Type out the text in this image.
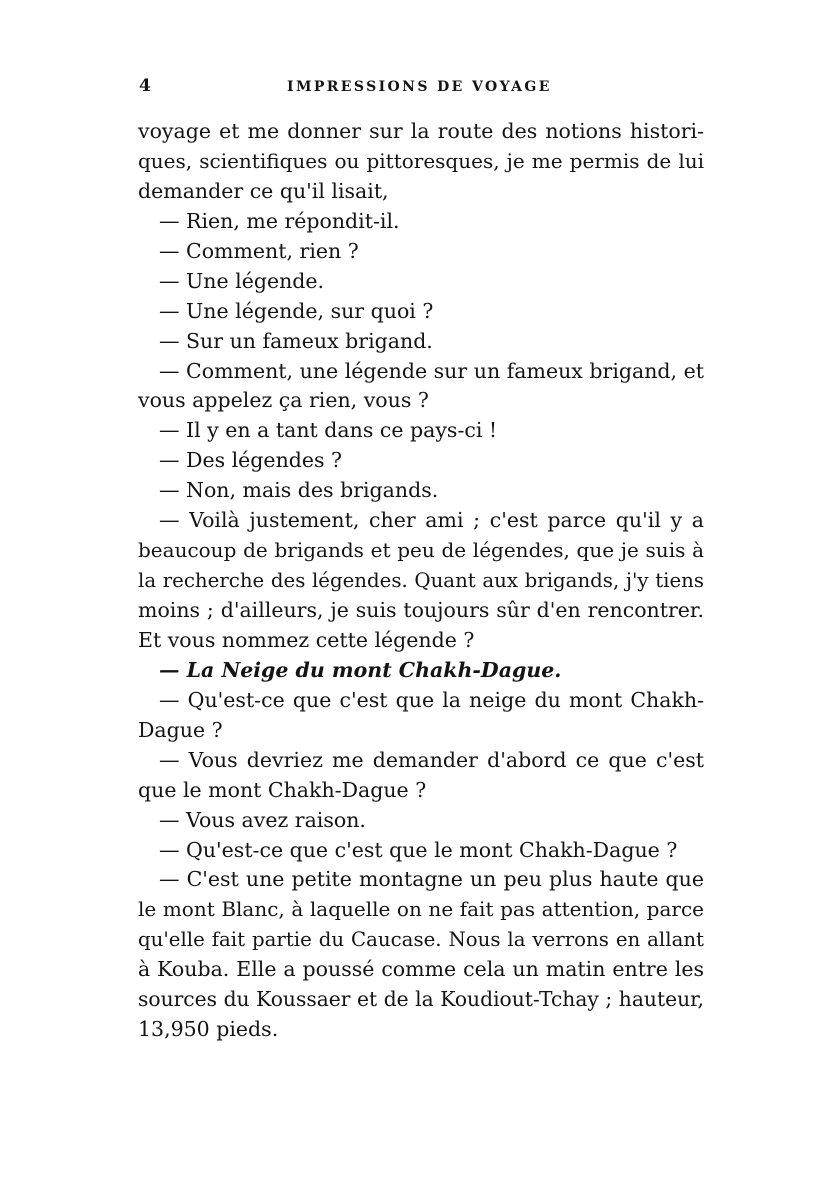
4	IMPRESSIONS DE VOYAGE
voyage et me donner sur la route des notions histori-
ques, scientifiques ou pittoresques, je me permis de lui
demander ce qu'il lisait,
— Rien, me répondit-il.
— Comment, rien ?
— Une légende.
— Une légende, sur quoi ?
— Sur un fameux brigand.
— Comment, une légende sur un fameux brigand, et
vous appelez ça rien, vous ?
— Il y en a tant dans ce pays-ci !
— Des légendes ?
— Non, mais des brigands.
— Voilà justement, cher ami ; c'est parce qu'il y a
beaucoup de brigands et peu de légendes, que je suis à
la recherche des légendes. Quant aux brigands, j'y tiens
moins ; d'ailleurs, je suis toujours sûr d'en rencontrer.
Et vous nommez cette légende ?
— La Neige du mont Chakh-Dague.
— Qu'est-ce que c'est que la neige du mont Chakh-
Dague ?
— Vous devriez me demander d'abord ce que c'est
que le mont Chakh-Dague ?
— Vous avez raison.
— Qu'est-ce que c'est que le mont Chakh-Dague ?
— C'est une petite montagne un peu plus haute que
le mont Blanc, à laquelle on ne fait pas attention, parce
qu'elle fait partie du Caucase. Nous la verrons en allant
à Kouba. Elle a poussé comme cela un matin entre les
sources du Koussaer et de la Koudiout-Tchay ; hauteur,
13,950 pieds.
